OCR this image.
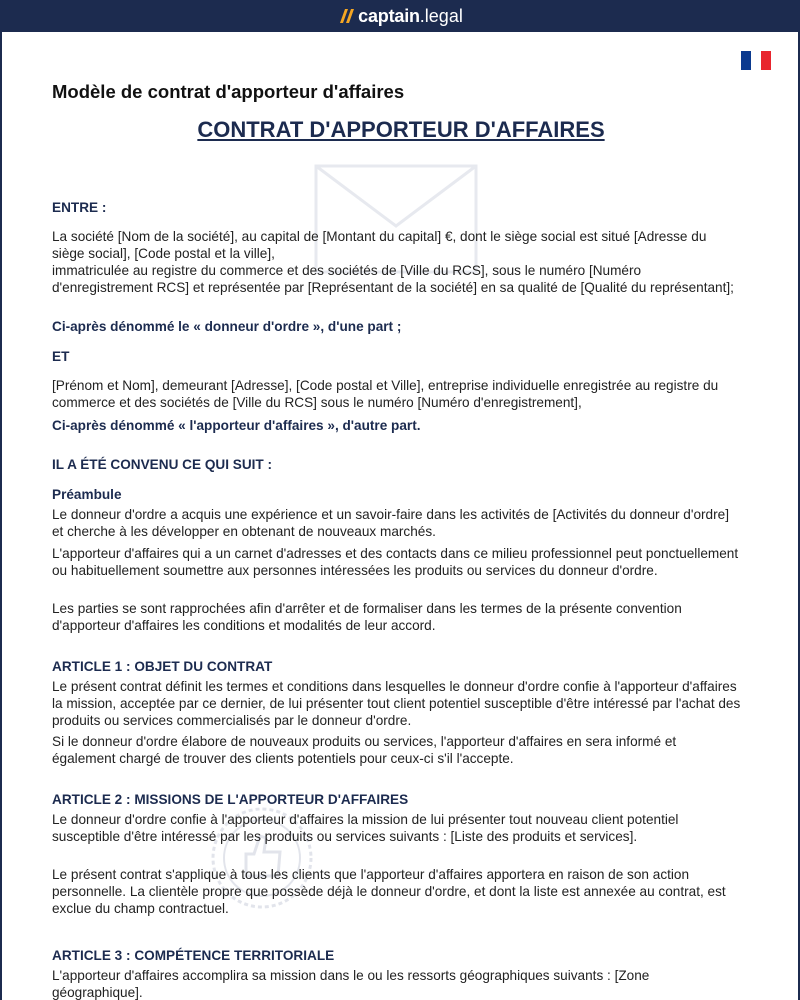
captain .legal
Modèle de contrat d'apporteur d'affaires
CONTRAT D'APPORTEUR D'AFFAIRES
ENTRE :
La société [Nom de la société], au capital de [Montant du capital] €, dont le siège social est situé [Adresse du siège social], [Code postal et la ville],
immatriculée au registre du commerce et des sociétés de [Ville du RCS], sous le numéro [Numéro d'enregistrement RCS] et représentée par [Représentant de la société] en sa qualité de [Qualité du représentant];
Ci-après dénommé le « donneur d'ordre », d'une part ;
ET
[Prénom et Nom], demeurant [Adresse], [Code postal et Ville], entreprise individuelle enregistrée au registre du commerce et des sociétés de [Ville du RCS] sous le numéro [Numéro d'enregistrement],
Ci-après dénommé « l'apporteur d'affaires », d'autre part.
IL A ÉTÉ CONVENU CE QUI SUIT :
Préambule
Le donneur d'ordre a acquis une expérience et un savoir-faire dans les activités de [Activités du donneur d'ordre] et cherche à les développer en obtenant de nouveaux marchés.
L'apporteur d'affaires qui a un carnet d'adresses et des contacts dans ce milieu professionnel peut ponctuellement ou habituellement soumettre aux personnes intéressées les produits ou services du donneur d'ordre.
Les parties se sont rapprochées afin d'arrêter et de formaliser dans les termes de la présente convention d'apporteur d'affaires les conditions et modalités de leur accord.
ARTICLE 1 : OBJET DU CONTRAT
Le présent contrat définit les termes et conditions dans lesquelles le donneur d'ordre confie à l'apporteur d'affaires la mission, acceptée par ce dernier, de lui présenter tout client potentiel susceptible d'être intéressé par l'achat des produits ou services commercialisés par le donneur d'ordre.
Si le donneur d'ordre élabore de nouveaux produits ou services, l'apporteur d'affaires en sera informé et également chargé de trouver des clients potentiels pour ceux-ci s'il l'accepte.
ARTICLE 2 : MISSIONS DE L'APPORTEUR D'AFFAIRES
Le donneur d'ordre confie à l'apporteur d'affaires la mission de lui présenter tout nouveau client potentiel susceptible d'être intéressé par les produits ou services suivants : [Liste des produits et services].
Le présent contrat s'applique à tous les clients que l'apporteur d'affaires apportera en raison de son action personnelle. La clientèle propre que possède déjà le donneur d'ordre, et dont la liste est annexée au contrat, est exclue du champ contractuel.
ARTICLE 3 : COMPÉTENCE TERRITORIALE
L'apporteur d'affaires accomplira sa mission dans le ou les ressorts géographiques suivants : [Zone géographique].
